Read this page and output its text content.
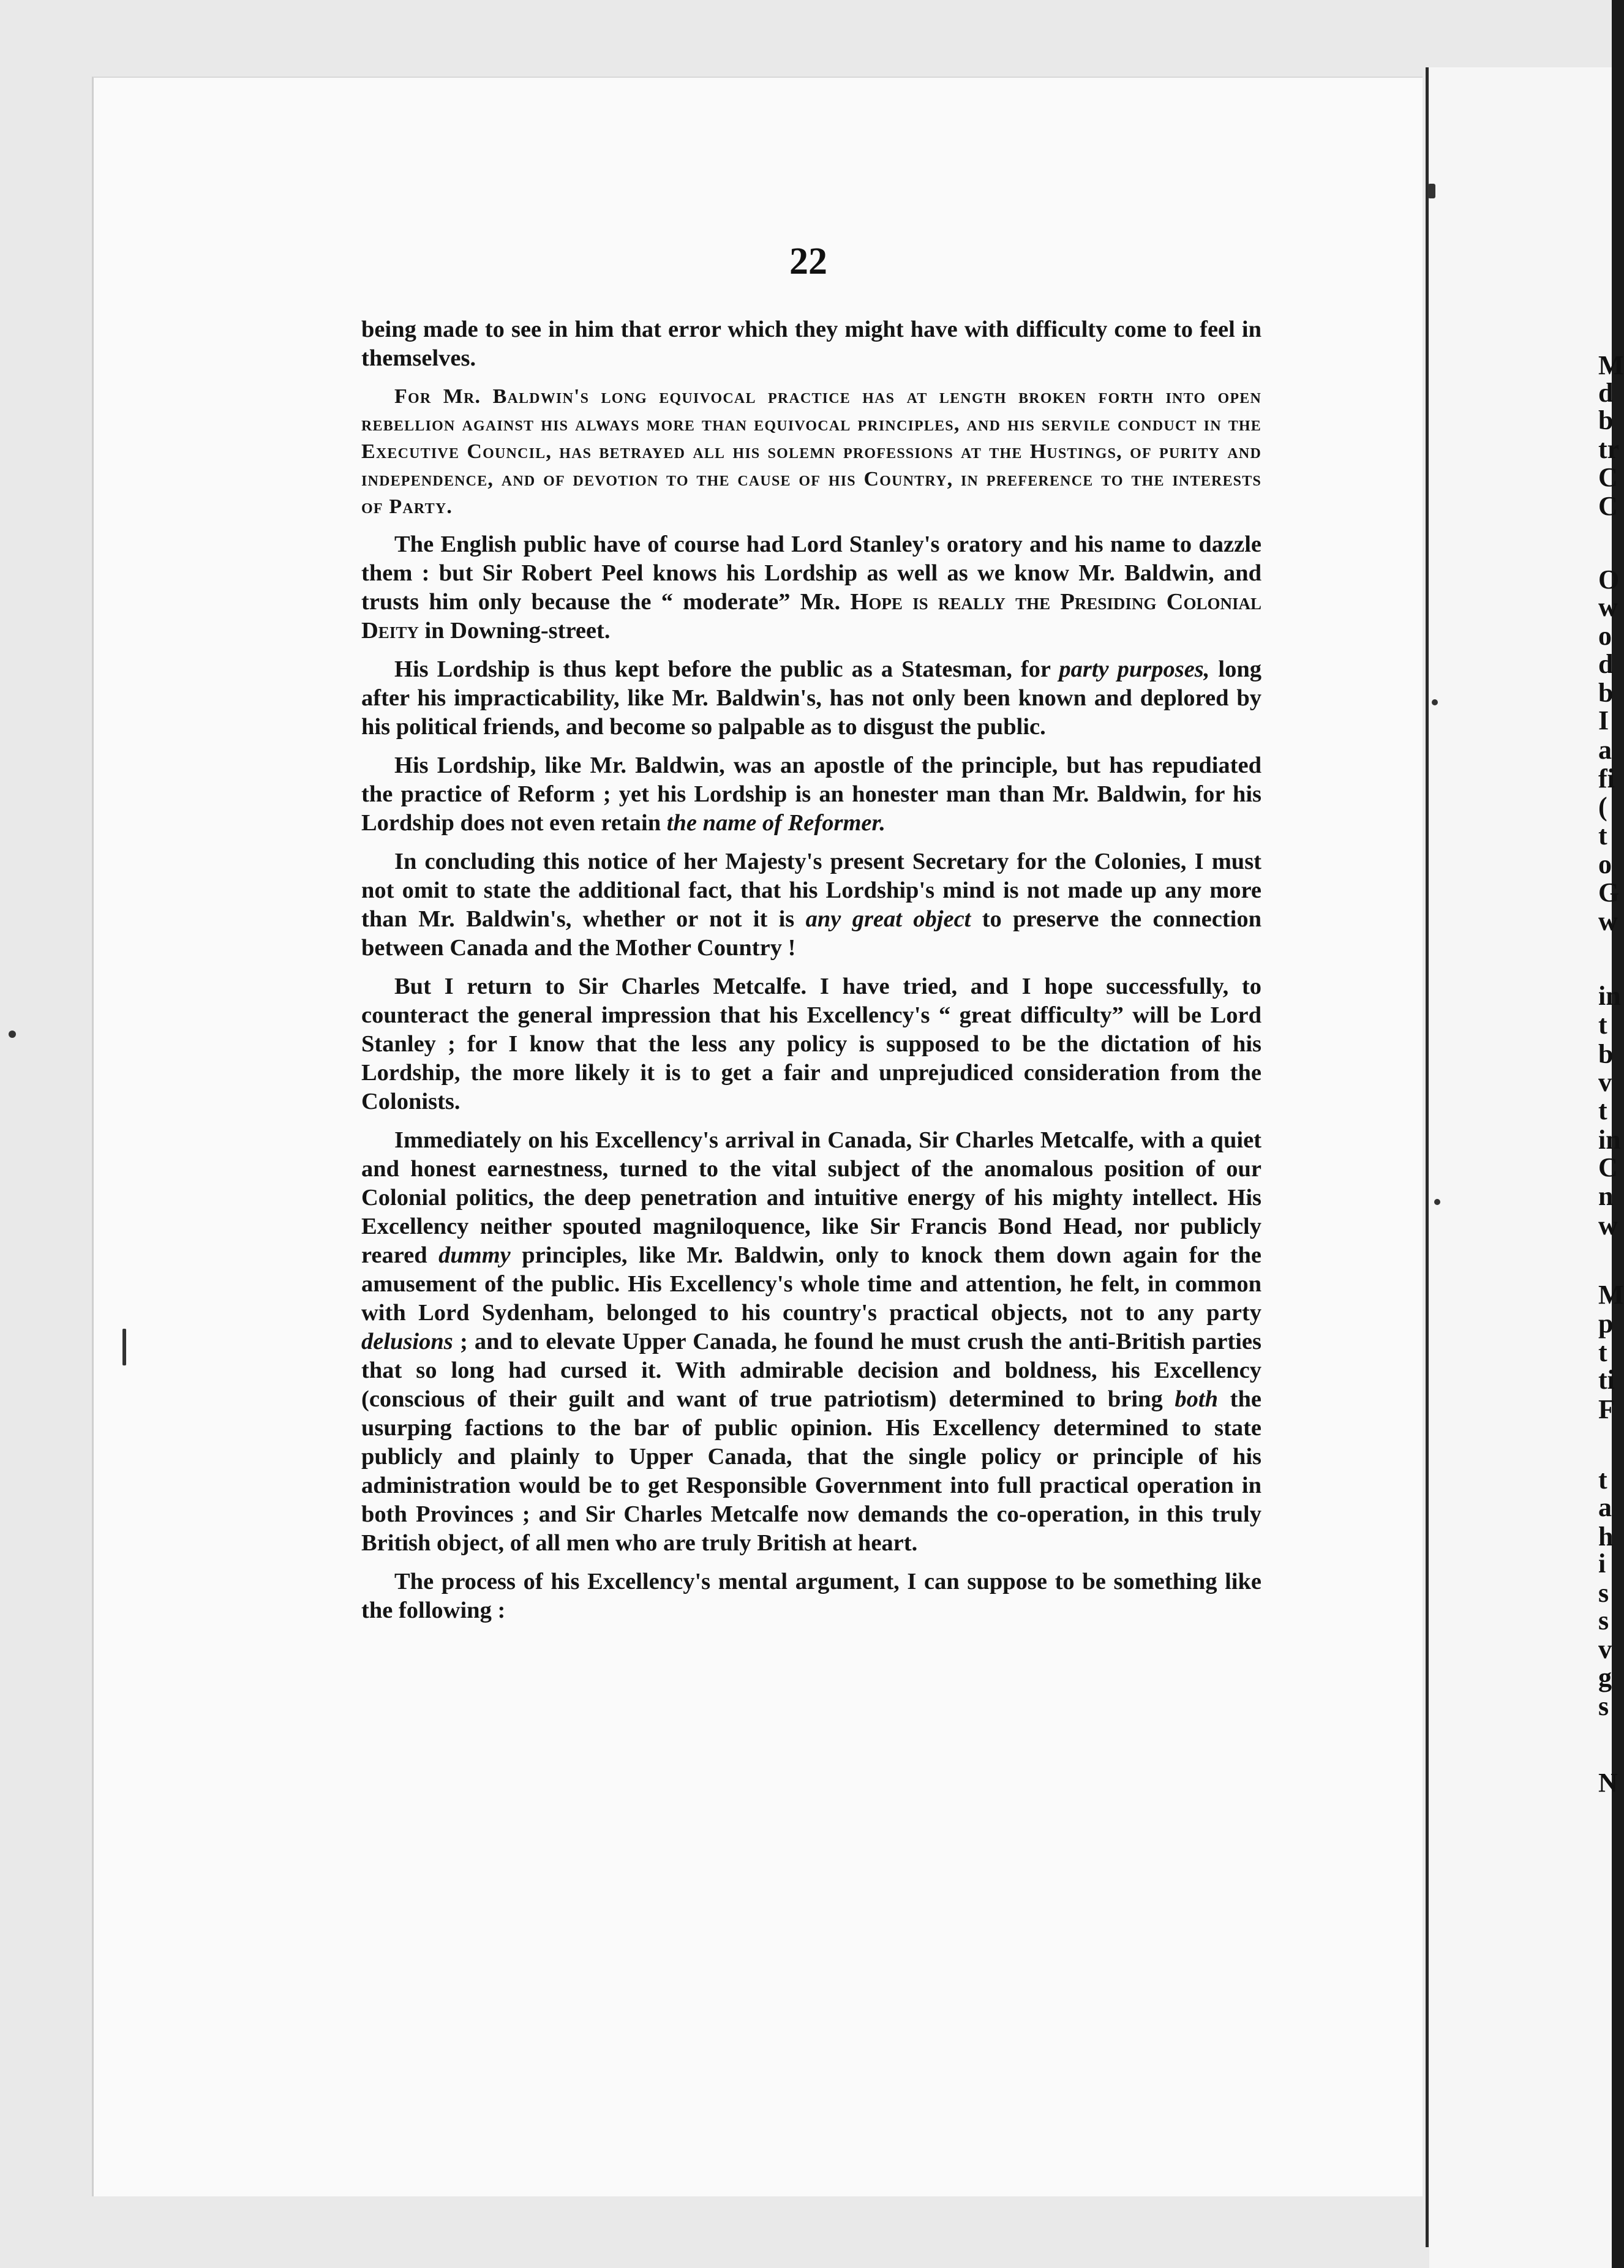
22

being made to see in him that error which they might have with difficulty come to feel in themselves.

For Mr. Baldwin's long equivocal practice has at length broken forth into open rebellion against his always more than equivocal principles, and his servile conduct in the Executive Council, has betrayed all his solemn professions at the Hustings, of purity and independence, and of devotion to the cause of his Country, in preference to the interests of Party.

The English public have of course had Lord Stanley's oratory and his name to dazzle them : but Sir Robert Peel knows his Lordship as well as we know Mr. Baldwin, and trusts him only because the “ moderate” Mr. Hope is really the Presiding Colonial Deity in Downing-street.

His Lordship is thus kept before the public as a Statesman, for party purposes, long after his impracticability, like Mr. Baldwin's, has not only been known and deplored by his political friends, and become so palpable as to disgust the public.

His Lordship, like Mr. Baldwin, was an apostle of the principle, but has repudiated the practice of Reform ; yet his Lordship is an honester man than Mr. Baldwin, for his Lordship does not even retain the name of Reformer.

In concluding this notice of her Majesty's present Secretary for the Colonies, I must not omit to state the additional fact, that his Lordship's mind is not made up any more than Mr. Baldwin's, whether or not it is any great object to preserve the connection between Canada and the Mother Country !

But I return to Sir Charles Metcalfe. I have tried, and I hope successfully, to counteract the general impression that his Excellency's “ great difficulty” will be Lord Stanley ; for I know that the less any policy is supposed to be the dictation of his Lordship, the more likely it is to get a fair and unprejudiced consideration from the Colonists.

Immediately on his Excellency's arrival in Canada, Sir Charles Metcalfe, with a quiet and honest earnestness, turned to the vital subject of the anomalous position of our Colonial politics, the deep penetration and intuitive energy of his mighty intellect. His Excellency neither spouted magniloquence, like Sir Francis Bond Head, nor publicly reared dummy principles, like Mr. Baldwin, only to knock them down again for the amusement of the public. His Excellency's whole time and attention, he felt, in common with Lord Sydenham, belonged to his country's practical objects, not to any party delusions ; and to elevate Upper Canada, he found he must crush the anti-British parties that so long had cursed it. With admirable decision and boldness, his Excellency (conscious of their guilt and want of true patriotism) determined to bring both the usurping factions to the bar of public opinion. His Excellency determined to state publicly and plainly to Upper Canada, that the single policy or principle of his administration would be to get Responsible Government into full practical operation in both Provinces ; and Sir Charles Metcalfe now demands the co-operation, in this truly British object, of all men who are truly British at heart.

The process of his Excellency's mental argument, I can suppose to be something like the following :

M
d
b
tr
C
C
O
w
o
d
b
I
a
fi
(
t
o
G
w
in
t
b
v
t
in
C
n
w
M
p
t
ti
F
t
a
h
i
s
s
v
g
s
N
